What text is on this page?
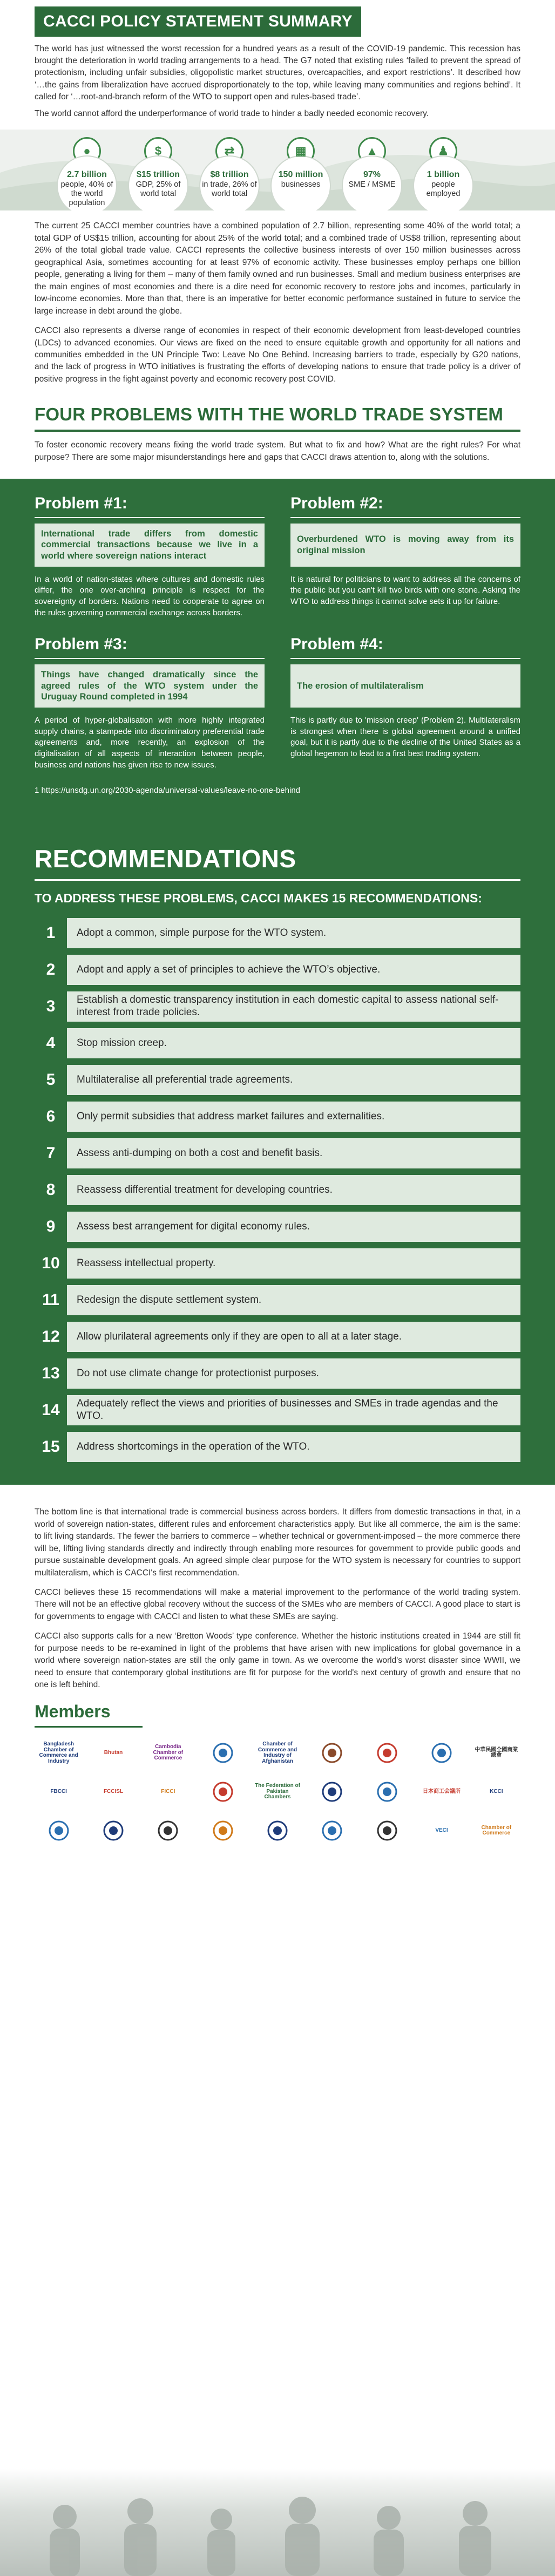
CACCI POLICY STATEMENT SUMMARY

The world has just witnessed the worst recession for a hundred years as a result of the COVID-19 pandemic. This recession has brought the deterioration in world trading arrangements to a head. The G7 noted that existing rules ‘failed to prevent the spread of protectionism, including unfair subsidies, oligopolistic market structures, overcapacities, and export restrictions’. It described how ‘…the gains from liberalization have accrued disproportionately to the top, while leaving many communities and regions behind’. It called for ‘…root-and-branch reform of the WTO to support open and rules-based trade’.

The world cannot afford the underperformance of world trade to hinder a badly needed economic recovery.

●
2.7 billion
people, 40% of the world population
$
$15 trillion
GDP, 25% of world total
⇄
$8 trillion
in trade, 26% of world total
▦
150 million
businesses
▲
97%
SME / MSME
♟
1 billion
people employed

The current 25 CACCI member countries have a combined population of 2.7 billion, representing some 40% of the world total; a total GDP of US$15 trillion, accounting for about 25% of the world total; and a combined trade of US$8 trillion, representing about 26% of the total global trade value. CACCI represents the collective business interests of over 150 million businesses across geographical Asia, sometimes accounting for at least 97% of economic activity. These businesses employ perhaps one billion people, generating a living for them – many of them family owned and run businesses. Small and medium business enterprises are the main engines of most economies and there is a dire need for economic recovery to restore jobs and incomes, particularly in low-income economies. More than that, there is an imperative for better economic performance sustained in future to service the large increase in debt around the globe.

CACCI also represents a diverse range of economies in respect of their economic development from least-developed countries (LDCs) to advanced economies. Our views are fixed on the need to ensure equitable growth and opportunity for all nations and communities embedded in the UN Principle Two: Leave No One Behind. Increasing barriers to trade, especially by G20 nations, and the lack of progress in WTO initiatives is frustrating the efforts of developing nations to ensure that trade policy is a driver of positive progress in the fight against poverty and economic recovery post COVID.

FOUR PROBLEMS WITH THE WORLD TRADE SYSTEM

To foster economic recovery means fixing the world trade system. But what to fix and how? What are the right rules? For what purpose? There are some major misunderstandings here and gaps that CACCI draws attention to, along with the solutions.

Problem #1:
International trade differs from domestic commercial transactions because we live in a world where sovereign nations interact
In a world of nation-states where cultures and domestic rules differ, the one over-arching principle is respect for the sovereignty of borders. Nations need to cooperate to agree on the rules governing commercial exchange across borders.
Problem #2:
Overburdened WTO is moving away from its original mission
It is natural for politicians to want to address all the concerns of the public but you can't kill two birds with one stone. Asking the WTO to address things it cannot solve sets it up for failure.
Problem #3:
Things have changed dramatically since the agreed rules of the WTO system under the Uruguay Round completed in 1994
A period of hyper-globalisation with more highly integrated supply chains, a stampede into discriminatory preferential trade agreements and, more recently, an explosion of the digitalisation of all aspects of interaction between people, business and nations has given rise to new issues.
Problem #4:
The erosion of multilateralism
This is partly due to 'mission creep' (Problem 2). Multilateralism is strongest when there is global agreement around a unified goal, but it is partly due to the decline of the United States as a global hegemon to lead to a first best trading system.
1 https://unsdg.un.org/2030-agenda/universal-values/leave-no-one-behind
RECOMMENDATIONS
TO ADDRESS THESE PROBLEMS, CACCI MAKES 15 RECOMMENDATIONS:
1	Adopt a common, simple purpose for the WTO system.
2	Adopt and apply a set of principles to achieve the WTO’s objective.
3	Establish a domestic transparency institution in each domestic capital to assess national self-interest from trade policies.
4	Stop mission creep.
5	Multilateralise all preferential trade agreements.
6	Only permit subsidies that address market failures and externalities.
7	Assess anti-dumping on both a cost and benefit basis.
8	Reassess differential treatment for developing countries.
9	Assess best arrangement for digital economy rules.
10	Reassess intellectual property.
11	Redesign the dispute settlement system.
12	Allow plurilateral agreements only if they are open to all at a later stage.
13	Do not use climate change for protectionist purposes.
14	Adequately reflect the views and priorities of businesses and SMEs in trade agendas and the WTO.
15	Address shortcomings in the operation of the WTO.

The bottom line is that international trade is commercial business across borders. It differs from domestic transactions in that, in a world of sovereign nation-states, different rules and enforcement characteristics apply. But like all commerce, the aim is the same: to lift living standards. The fewer the barriers to commerce – whether technical or government-imposed – the more commerce there will be, lifting living standards directly and indirectly through enabling more resources for government to provide public goods and pursue sustainable development goals. An agreed simple clear purpose for the WTO system is necessary for countries to support multilateralism, which is CACCI's first recommendation.

CACCI believes these 15 recommendations will make a material improvement to the performance of the world trading system. There will not be an effective global recovery without the success of the SMEs who are members of CACCI. A good place to start is for governments to engage with CACCI and listen to what these SMEs are saying.

CACCI also supports calls for a new ‘Bretton Woods’ type conference. Whether the historic institutions created in 1944 are still fit for purpose needs to be re-examined in light of the problems that have arisen with new implications for global governance in a world where sovereign nation-states are still the only game in town. As we overcome the world's worst disaster since WWII, we need to ensure that contemporary global institutions are fit for purpose for the world's next century of growth and ensure that no one is left behind.

Members
Bangladesh Chamber of Commerce and Industry
Bhutan
Cambodia Chamber of Commerce
Chamber of Commerce and Industry of Afghanistan
中華民國全國商業總會
FBCCI	FCCISL	FICCI
The Federation of Pakistan Chambers
日本商工会議所	KCCI
VECI	Chamber of Commerce
